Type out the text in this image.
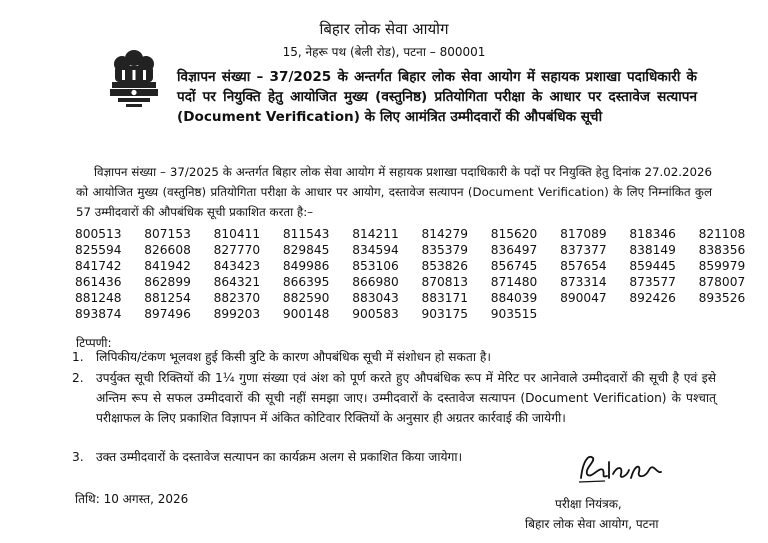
बिहार लोक सेवा आयोग
15, नेहरू पथ (बेली रोड), पटना – 800001
विज्ञापन संख्या – 37/2025 के अन्तर्गत बिहार लोक सेवा आयोग में सहायक प्रशाखा पदाधिकारी के पदों पर नियुक्ति हेतु आयोजित मुख्य (वस्तुनिष्ठ) प्रतियोगिता परीक्षा के आधार पर दस्तावेज सत्यापन (Document Verification) के लिए आमंत्रित उम्मीदवारों की औपबंधिक सूची
विज्ञापन संख्या – 37/2025 के अन्तर्गत बिहार लोक सेवा आयोग में सहायक प्रशाखा पदाधिकारी के पदों पर नियुक्ति हेतु दिनांक 27.02.2026 को आयोजित मुख्य (वस्तुनिष्ठ) प्रतियोगिता परीक्षा के आधार पर आयोग, दस्तावेज सत्यापन (Document Verification) के लिए निम्नांकित कुल 57 उम्मीदवारों की औपबंधिक सूची प्रकाशित करता है:–
800513	807153	810411	811543	814211	814279	815620	817089	818346	821108
825594	826608	827770	829845	834594	835379	836497	837377	838149	838356
841742	841942	843423	849986	853106	853826	856745	857654	859445	859979
861436	862899	864321	866395	866980	870813	871480	873314	873577	878007
881248	881254	882370	882590	883043	883171	884039	890047	892426	893526
893874	897496	899203	900148	900583	903175	903515
टिप्पणी:
1. लिपिकीय/टंकण भूलवश हुई किसी त्रुटि के कारण औपबंधिक सूची में संशोधन हो सकता है।
2. उपर्युक्त सूची रिक्तियों की 1¼ गुणा संख्या एवं अंश को पूर्ण करते हुए औपबंधिक रूप में मेरिट पर आनेवाले उम्मीदवारों की सूची है एवं इसे अन्तिम रूप से सफल उम्मीदवारों की सूची नहीं समझा जाए। उम्मीदवारों के दस्तावेज सत्यापन (Document Verification) के पश्चात् परीक्षाफल के लिए प्रकाशित विज्ञापन में अंकित कोटिवार रिक्तियों के अनुसार ही अग्रतर कार्रवाई की जायेगी।
3. उक्त उम्मीदवारों के दस्तावेज सत्यापन का कार्यक्रम अलग से प्रकाशित किया जायेगा।
तिथि: 10 अगस्त, 2026	परीक्षा नियंत्रक,
बिहार लोक सेवा आयोग, पटना
